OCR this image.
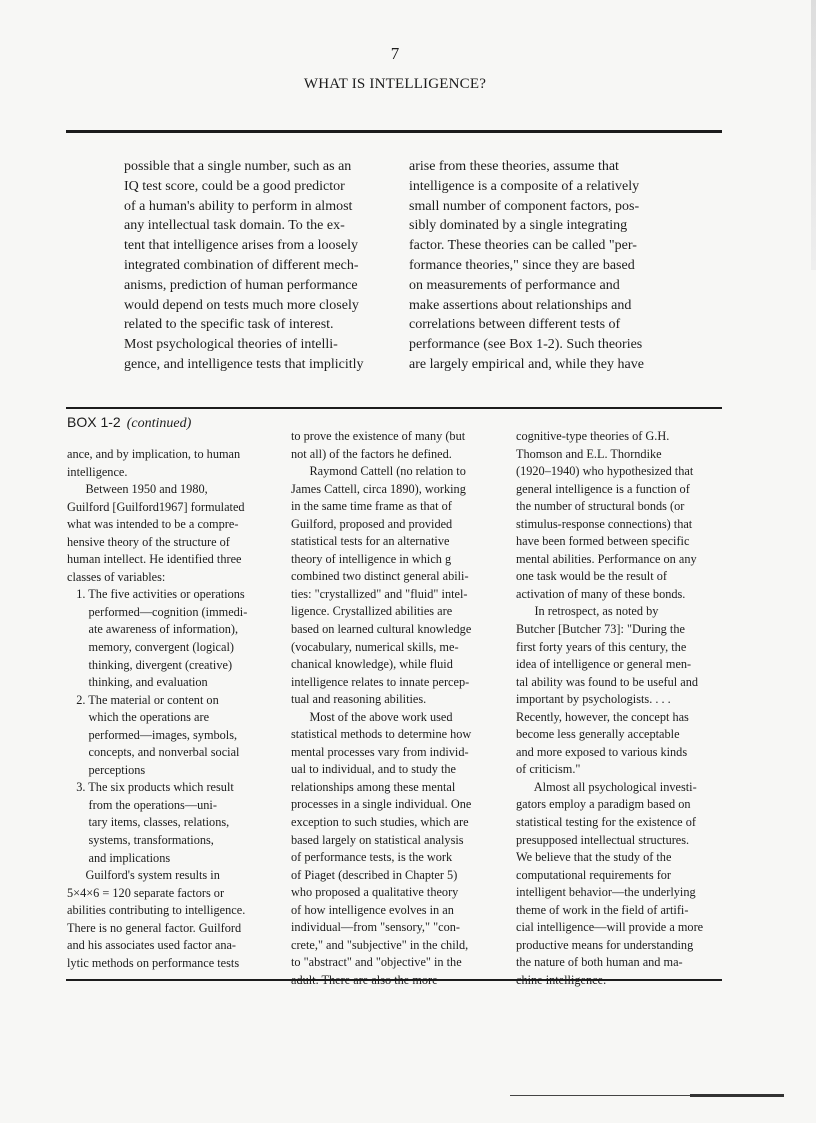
7
WHAT IS INTELLIGENCE?
possible that a single number, such as an
IQ test score, could be a good predictor
of a human's ability to perform in almost
any intellectual task domain. To the ex-
tent that intelligence arises from a loosely
integrated combination of different mech-
anisms, prediction of human performance
would depend on tests much more closely
related to the specific task of interest.
Most psychological theories of intelli-
gence, and intelligence tests that implicitly
arise from these theories, assume that
intelligence is a composite of a relatively
small number of component factors, pos-
sibly dominated by a single integrating
factor. These theories can be called "per-
formance theories," since they are based
on measurements of performance and
make assertions about relationships and
correlations between different tests of
performance (see Box 1-2). Such theories
are largely empirical and, while they have
BOX 1-2 (continued)
ance, and by implication, to human
intelligence.
Between 1950 and 1980,
Guilford [Guilford1967] formulated
what was intended to be a compre-
hensive theory of the structure of
human intellect. He identified three
classes of variables:
1. The five activities or operations
performed—cognition (immedi-
ate awareness of information),
memory, convergent (logical)
thinking, divergent (creative)
thinking, and evaluation
2. The material or content on
which the operations are
performed—images, symbols,
concepts, and nonverbal social
perceptions
3. The six products which result
from the operations—uni-
tary items, classes, relations,
systems, transformations,
and implications
Guilford's system results in
5×4×6 = 120 separate factors or
abilities contributing to intelligence.
There is no general factor. Guilford
and his associates used factor ana-
lytic methods on performance tests
to prove the existence of many (but
not all) of the factors he defined.
Raymond Cattell (no relation to
James Cattell, circa 1890), working
in the same time frame as that of
Guilford, proposed and provided
statistical tests for an alternative
theory of intelligence in which g
combined two distinct general abili-
ties: "crystallized" and "fluid" intel-
ligence. Crystallized abilities are
based on learned cultural knowledge
(vocabulary, numerical skills, me-
chanical knowledge), while fluid
intelligence relates to innate percep-
tual and reasoning abilities.
Most of the above work used
statistical methods to determine how
mental processes vary from individ-
ual to individual, and to study the
relationships among these mental
processes in a single individual. One
exception to such studies, which are
based largely on statistical analysis
of performance tests, is the work
of Piaget (described in Chapter 5)
who proposed a qualitative theory
of how intelligence evolves in an
individual—from "sensory," "con-
crete," and "subjective" in the child,
to "abstract" and "objective" in the

cognitive-type theories of G.H.
Thomson and E.L. Thorndike
(1920–1940) who hypothesized that
general intelligence is a function of
the number of structural bonds (or
stimulus-response connections) that
have been formed between specific
mental abilities. Performance on any
one task would be the result of
activation of many of these bonds.
In retrospect, as noted by
Butcher [Butcher 73]: "During the
first forty years of this century, the
idea of intelligence or general men-
tal ability was found to be useful and
important by psychologists. . . .
Recently, however, the concept has
become less generally acceptable
and more exposed to various kinds
of criticism."
Almost all psychological investi-
gators employ a paradigm based on
statistical testing for the existence of
presupposed intellectual structures.
We believe that the study of the
computational requirements for
intelligent behavior—the underlying
theme of work in the field of artifi-
cial intelligence—will provide a more
productive means for understanding
the nature of both human and ma-
